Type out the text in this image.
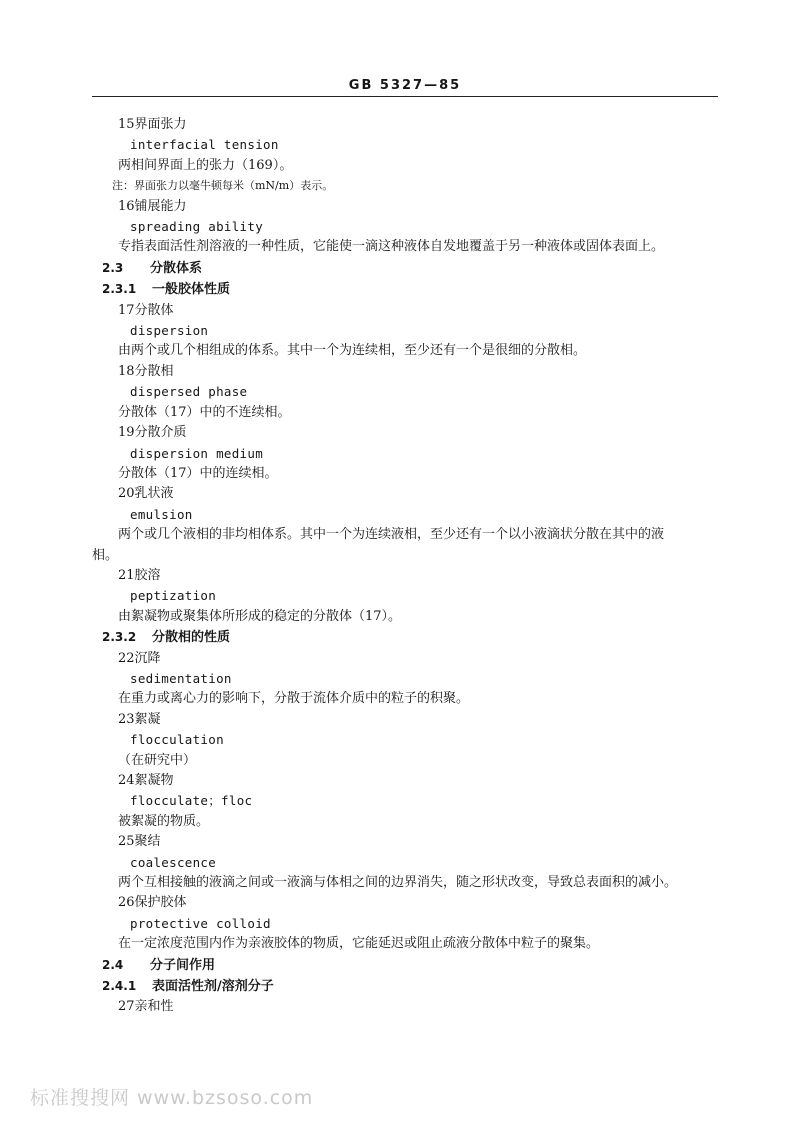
GB 5327—85
15界面张力
interfacial tension
两相间界面上的张力（169）。
注：界面张力以毫牛顿每米（mN/m）表示。
16铺展能力
spreading ability
专指表面活性剂溶液的一种性质，它能使一滴这种液体自发地覆盖于另一种液体或固体表面上。
2.3 分散体系
2.3.1 一般胶体性质
17分散体
dispersion
由两个或几个相组成的体系。其中一个为连续相，至少还有一个是很细的分散相。
18分散相
dispersed phase
分散体（17）中的不连续相。
19分散介质
dispersion medium
分散体（17）中的连续相。
20乳状液
emulsion
两个或几个液相的非均相体系。其中一个为连续液相，至少还有一个以小液滴状分散在其中的液
相。
21胶溶
peptization
由絮凝物或聚集体所形成的稳定的分散体（17）。
2.3.2 分散相的性质
22沉降
sedimentation
在重力或离心力的影响下，分散于流体介质中的粒子的积聚。
23絮凝
flocculation
（在研究中）
24絮凝物
flocculate；floc
被絮凝的物质。
25聚结
coalescence
两个互相接触的液滴之间或一液滴与体相之间的边界消失，随之形状改变，导致总表面积的减小。
26保护胶体
protective colloid
在一定浓度范围内作为亲液胶体的物质，它能延迟或阻止疏液分散体中粒子的聚集。
2.4 分子间作用
2.4.1 表面活性剂/溶剂分子
27亲和性
标准搜搜网 www.bzsoso.com
